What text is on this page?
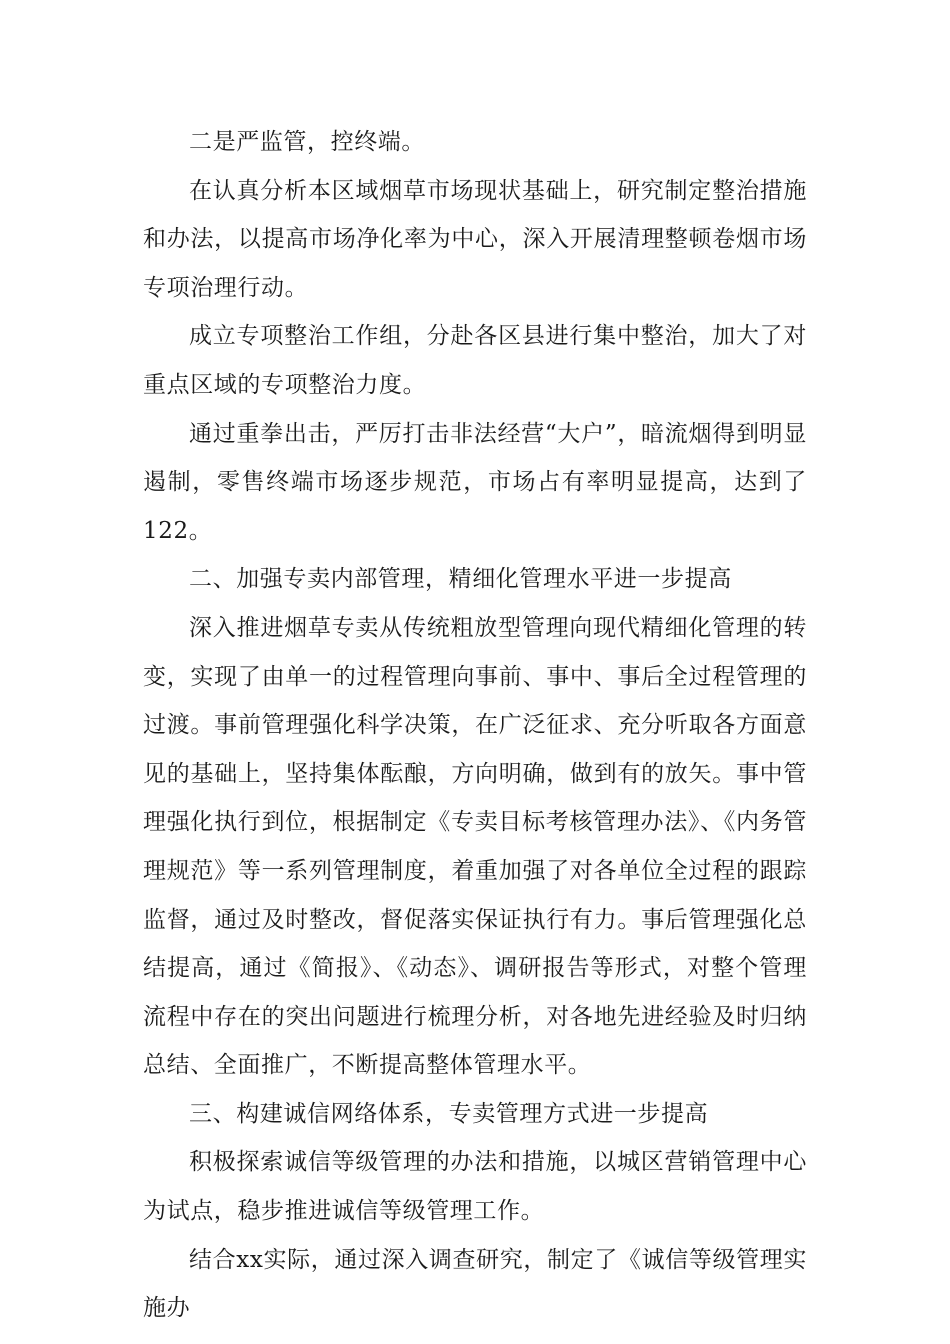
二是严监管，控终端。

在认真分析本区域烟草市场现状基础上，研究制定整治措施和办法，以提高市场净化率为中心，深入开展清理整顿卷烟市场专项治理行动。

成立专项整治工作组，分赴各区县进行集中整治，加大了对重点区域的专项整治力度。

通过重拳出击，严厉打击非法经营“大户”，暗流烟得到明显遏制，零售终端市场逐步规范，市场占有率明显提高，达到了122。

二、加强专卖内部管理，精细化管理水平进一步提高

深入推进烟草专卖从传统粗放型管理向现代精细化管理的转变，实现了由单一的过程管理向事前、事中、事后全过程管理的过渡。事前管理强化科学决策，在广泛征求、充分听取各方面意见的基础上，坚持集体酝酿，方向明确，做到有的放矢。事中管理强化执行到位，根据制定《专卖目标考核管理办法》、《内务管理规范》等一系列管理制度，着重加强了对各单位全过程的跟踪监督，通过及时整改，督促落实保证执行有力。事后管理强化总结提高，通过《简报》、《动态》、调研报告等形式，对整个管理流程中存在的突出问题进行梳理分析，对各地先进经验及时归纳总结、全面推广，不断提高整体管理水平。

三、构建诚信网络体系，专卖管理方式进一步提高

积极探索诚信等级管理的办法和措施，以城区营销管理中心为试点，稳步推进诚信等级管理工作。

结合xx实际，通过深入调查研究，制定了《诚信等级管理实施办
